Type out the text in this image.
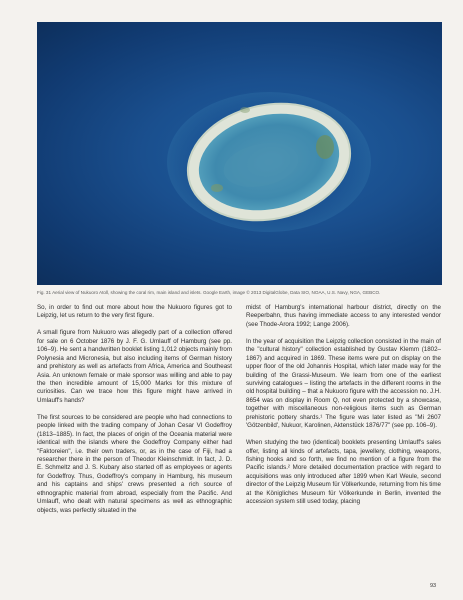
Fig. 31 Aerial view of Nukuoro Atoll, showing the coral rim, main island and islets. Google Earth, image © 2013 DigitalGlobe, Data SIO, NOAA, U.S. Navy, NGA, GEBCO.

So, in order to find out more about how the Nukuoro figures got to Leipzig, let us return to the very first figure.

A small figure from Nukuoro was allegedly part of a collection offered for sale on 6 October 1876 by J. F. G. Umlauff of Hamburg (see pp. 106–9). He sent a handwritten booklet listing 1,012 objects mainly from Polynesia and Micronesia, but also including items of German history and prehistory as well as artefacts from Africa, America and Southeast Asia. An unknown female or male sponsor was willing and able to pay the then incredible amount of 15,000 Marks for this mixture of curiosities. Can we trace how this figure might have arrived in Umlauff's hands?

The first sources to be considered are people who had connections to people linked with the trading company of Johan Cesar VI Godeffroy (1813–1885). In fact, the places of origin of the Oceania material were identical with the islands where the Godeffroy Company either had "Faktoreien", i.e. their own traders, or, as in the case of Fiji, had a researcher there in the person of Theodor Kleinschmidt. In fact, J. D. E. Schmeltz and J. S. Kubary also started off as employees or agents for Godeffroy. Thus, Godeffroy's company in Hamburg, his museum and his captains and ships' crews presented a rich source of ethnographic material from abroad, especially from the Pacific. And Umlauff, who dealt with natural specimens as well as ethnographic objects, was perfectly situated in the

midst of Hamburg's international harbour district, directly on the Reeperbahn, thus having immediate access to any interested vendor (see Thode-Arora 1992; Lange 2006).

In the year of acquisition the Leipzig collection consisted in the main of the "cultural history" collection established by Gustav Klemm (1802–1867) and acquired in 1869. These items were put on display on the upper floor of the old Johannis Hospital, which later made way for the building of the Grassi-Museum. We learn from one of the earliest surviving catalogues – listing the artefacts in the different rooms in the old hospital building – that a Nukuoro figure with the accession no. J.H. 8654 was on display in Room Q, not even protected by a showcase, together with miscellaneous non-religious items such as German prehistoric pottery shards.¹ The figure was later listed as "Mi 2607 'Götzenbild', Nukuor, Karolinen, Aktenstück 1876/77" (see pp. 106–9).

When studying the two (identical) booklets presenting Umlauff's sales offer, listing all kinds of artefacts, tapa, jewellery, clothing, weapons, fishing hooks and so forth, we find no mention of a figure from the Pacific islands.² More detailed documentation practice with regard to acquisitions was only introduced after 1899 when Karl Weule, second director of the Leipzig Museum für Völkerkunde, returning from his time at the Königliches Museum für Völkerkunde in Berlin, invented the accession system still used today, placing

93
